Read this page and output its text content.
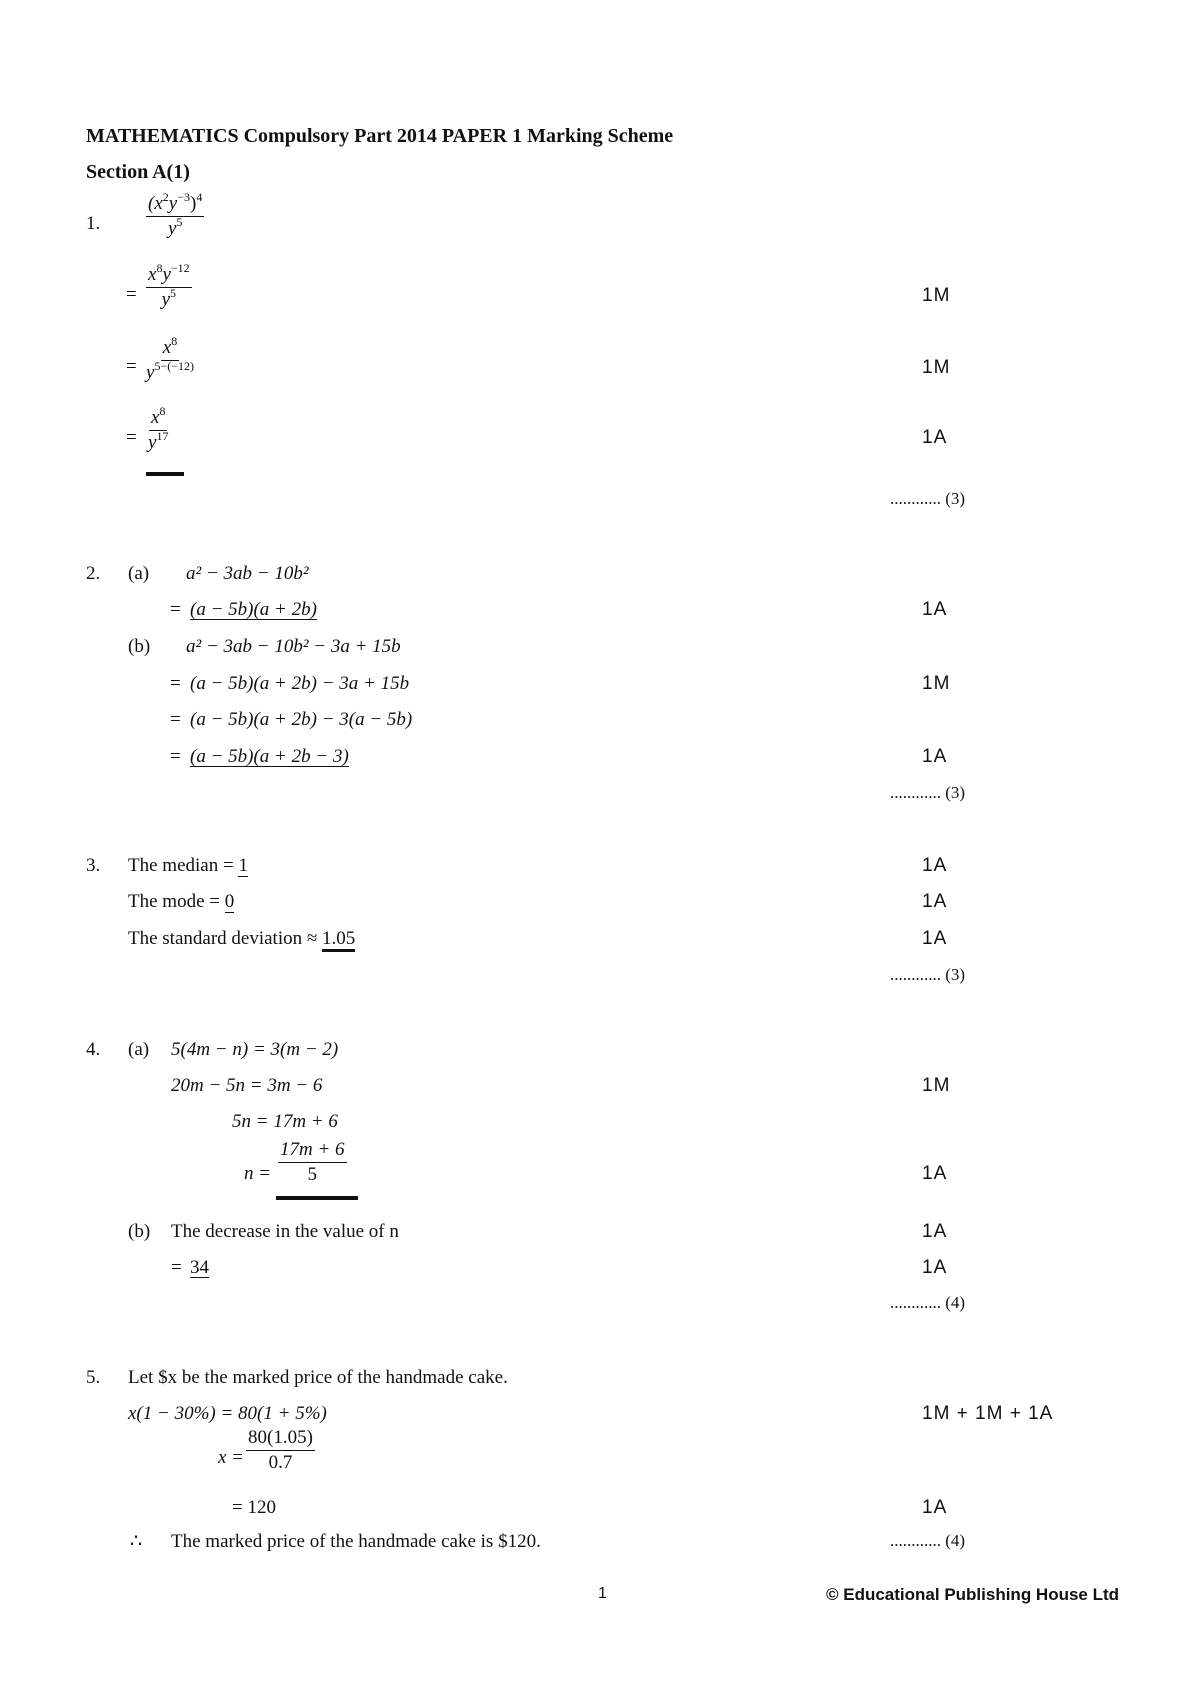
MATHEMATICS Compulsory Part 2014 PAPER 1 Marking Scheme
Section A(1)
1. $\frac{(x^2y^{-3})^4}{y^5}$
= $\frac{x^8y^{-12}}{y^5}$	1M
= $\frac{x^8}{y^{5-(-12)}}$	1M
= $\frac{x^8}{y^{17}}$	1A
............ (3)
2. (a) a² − 3ab − 10b²
= (a − 5b)(a + 2b)	1A
(b) a² − 3ab − 10b² − 3a + 15b
= (a − 5b)(a + 2b) − 3a + 15b	1M
= (a − 5b)(a + 2b) − 3(a − 5b)
= (a − 5b)(a + 2b − 3)	1A
............ (3)
3. The median = 1	1A
The mode = 0	1A
The standard deviation ≈ 1.05	1A
............ (3)
4. (a) 5(4m − n) = 3(m − 2)
20m − 5n = 3m − 6	1M
5n = 17m + 6
$n = \frac{17m + 6}{5}$	1A
(b) The decrease in the value of n	1A
= 34	1A
............ (4)
5. Let $x be the marked price of the handmade cake.
x(1 − 30%) = 80(1 + 5%)	1M + 1M + 1A
$x = \frac{80(1.05)}{0.7}$
= 120	1A
∴ The marked price of the handmade cake is $120.	............ (4)
1	© Educational Publishing House Ltd
